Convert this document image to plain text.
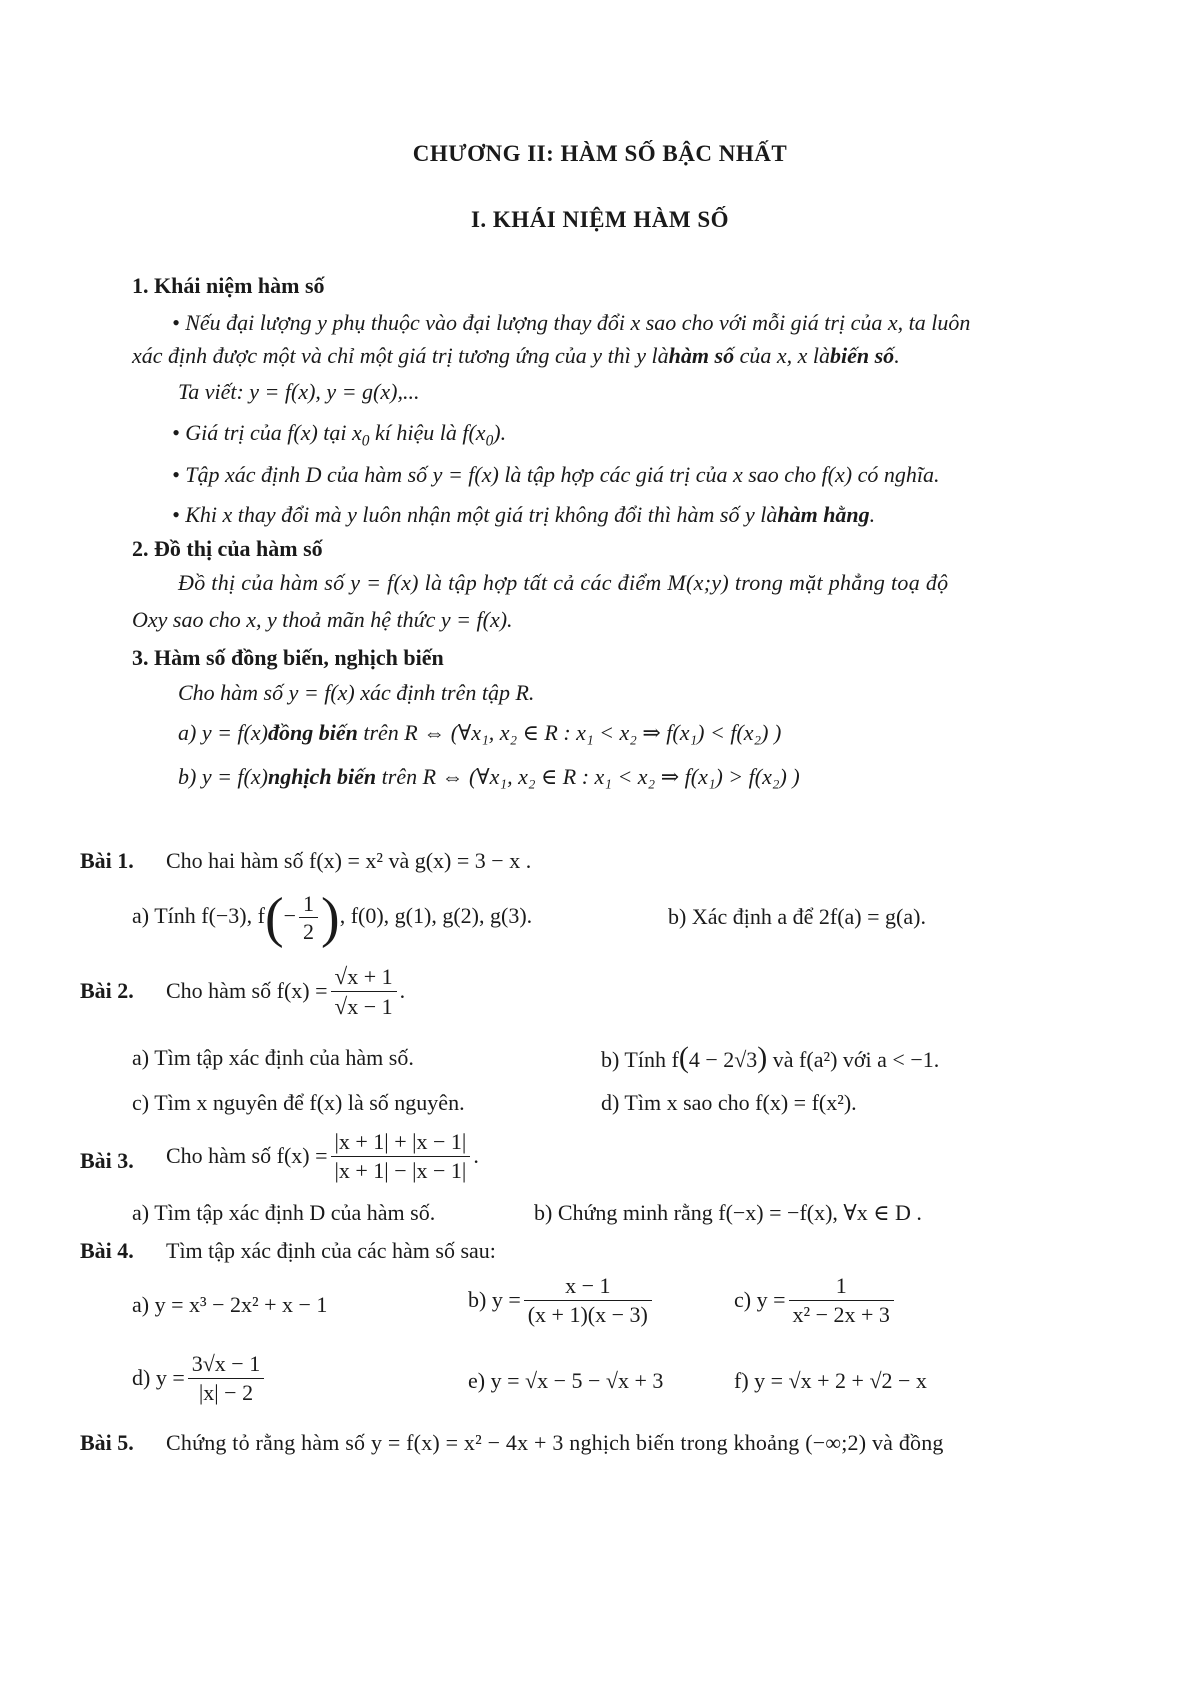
CHƯƠNG II: HÀM SỐ BẬC NHẤT
I. KHÁI NIỆM HÀM SỐ
1. Khái niệm hàm số
• Nếu đại lượng y phụ thuộc vào đại lượng thay đổi x sao cho với mỗi giá trị của x, ta luôn
xác định được một và chỉ một giá trị tương ứng của y thì y làhàm số của x, x làbiến số.
Ta viết: y = f(x), y = g(x),...
• Giá trị của f(x) tại $x_0$ kí hiệu là $f(x_0)$.
• Tập xác định D của hàm số y = f(x) là tập hợp các giá trị của x sao cho f(x) có nghĩa.
• Khi x thay đổi mà y luôn nhận một giá trị không đổi thì hàm số y làhàm hằng.
2. Đồ thị của hàm số
Đồ thị của hàm số y = f(x) là tập hợp tất cả các điểm M(x;y) trong mặt phẳng toạ độ
Oxy sao cho x, y thoả mãn hệ thức y = f(x).
3. Hàm số đồng biến, nghịch biến
Cho hàm số y = f(x) xác định trên tập R.
a) y = f(x)đồng biến trên R ⇔ (∀x₁, x₂ ∈ R : x₁ < x₂ ⇒ f(x₁) < f(x₂) )
b) y = f(x)nghịch biến trên R ⇔ (∀x₁, x₂ ∈ R : x₁ < x₂ ⇒ f(x₁) > f(x₂) )
Bài 1. Cho hai hàm số f(x) = x² và g(x) = 3 − x .
a) Tính f(−3), $f(- \frac{1}{2}$ ), f(0), g(1), g(2), g(3).	b) Xác định a để 2f(a) = g(a).
Bài 2. Cho hàm số $f(x) = \frac{√x + 1}{√x - 1}$ .
a) Tìm tập xác định của hàm số.	b) Tính f(4 − 2√3) và f(a²) với a < −1.
c) Tìm x nguyên để f(x) là số nguyên.	d) Tìm x sao cho f(x) = f(x²).
Bài 3. Cho hàm số $f(x) = \frac{|x + 1| + |x - 1|}{|x + 1| - |x - 1|}$ .
a) Tìm tập xác định D của hàm số.	b) Chứng minh rằng f(−x) = −f(x), ∀x ∈ D .
Bài 4. Tìm tập xác định của các hàm số sau:
a) y = x³ − 2x² + x − 1	b) $y = \frac{x - 1}{(x + 1)(x - 3)}$	c) $y = \frac{1}{\text{x² − 2x + 3}}$
d) $y = \frac{3√x - 1}{|x| - 2}$	e) y = √x − 5 − √x + 3	f) y = √x + 2 + √2 − x
Bài 5. Chứng tỏ rằng hàm số y = f(x) = x² − 4x + 3 nghịch biến trong khoảng (−∞;2) và đồng
